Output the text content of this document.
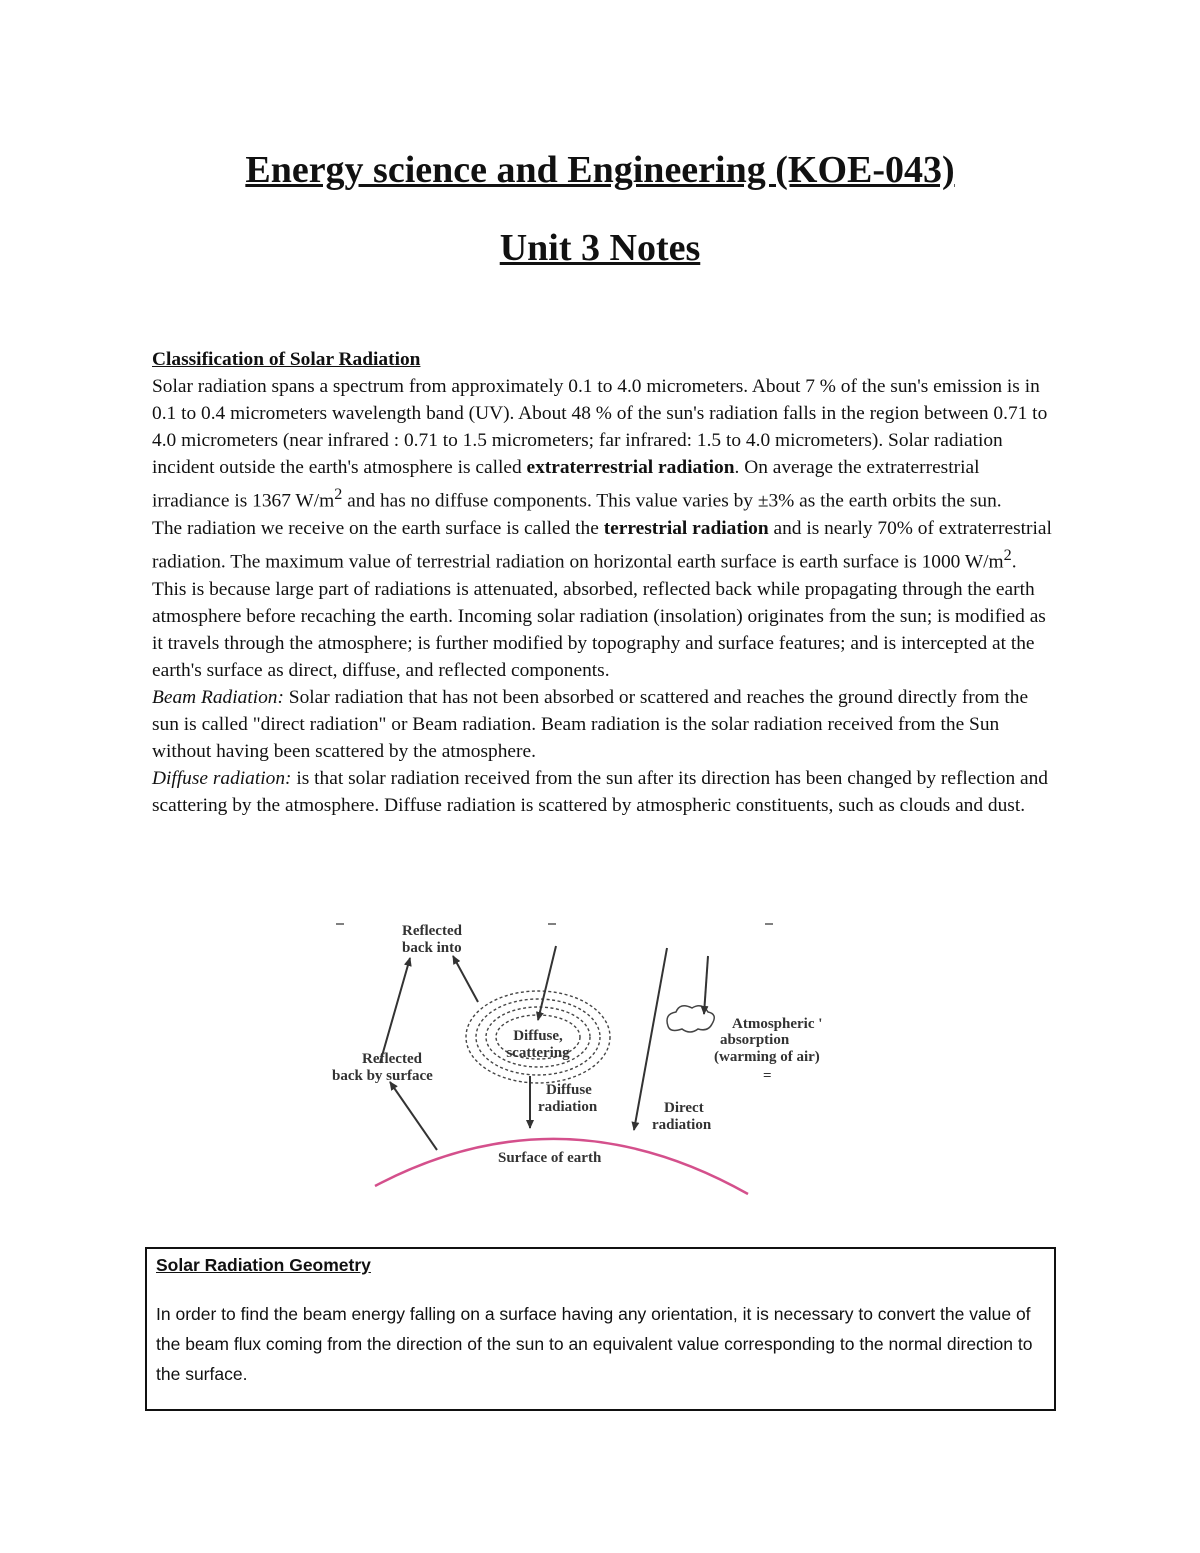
Energy science and Engineering (KOE-043)
Unit 3 Notes
Classification of Solar Radiation

Solar radiation spans a spectrum from approximately 0.1 to 4.0 micrometers. About 7 % of the sun's emission is in 0.1 to 0.4 micrometers wavelength band (UV). About 48 % of the sun's radiation falls in the region between 0.71 to 4.0 micrometers (near infrared : 0.71 to 1.5 micrometers; far infrared: 1.5 to 4.0 micrometers). Solar radiation incident outside the earth's atmosphere is called extraterrestrial radiation. On average the extraterrestrial irradiance is 1367 $W/m^2$ and has no diffuse components. This value varies by ±3% as the earth orbits the sun.

The radiation we receive on the earth surface is called the terrestrial radiation and is nearly 70% of extraterrestrial radiation. The maximum value of terrestrial radiation on horizontal earth surface is earth surface is 1000 $W/m^2$. This is because large part of radiations is attenuated, absorbed, reflected back while propagating through the earth atmosphere before recaching the earth. Incoming solar radiation (insolation) originates from the sun; is modified as it travels through the atmosphere; is further modified by topography and surface features; and is intercepted at the earth's surface as direct, diffuse, and reflected components.

Beam Radiation: Solar radiation that has not been absorbed or scattered and reaches the ground directly from the sun is called "direct radiation" or Beam radiation. Beam radiation is the solar radiation received from the Sun without having been scattered by the atmosphere.

Diffuse radiation: is that solar radiation received from the sun after its direction has been changed by reflection and scattering by the atmosphere. Diffuse radiation is scattered by atmospheric constituents, such as clouds and dust.

Reflected back into
Diffuse, scattering
Atmospheric ' absorption (warming of air)
=
Reflected back by surface
Diffuse radiation	Direct radiation
Surface of earth
Solar Radiation Geometry
In order to find the beam energy falling on a surface having any orientation, it is necessary to convert the value of the beam flux coming from the direction of the sun to an equivalent value corresponding to the normal direction to the surface.
